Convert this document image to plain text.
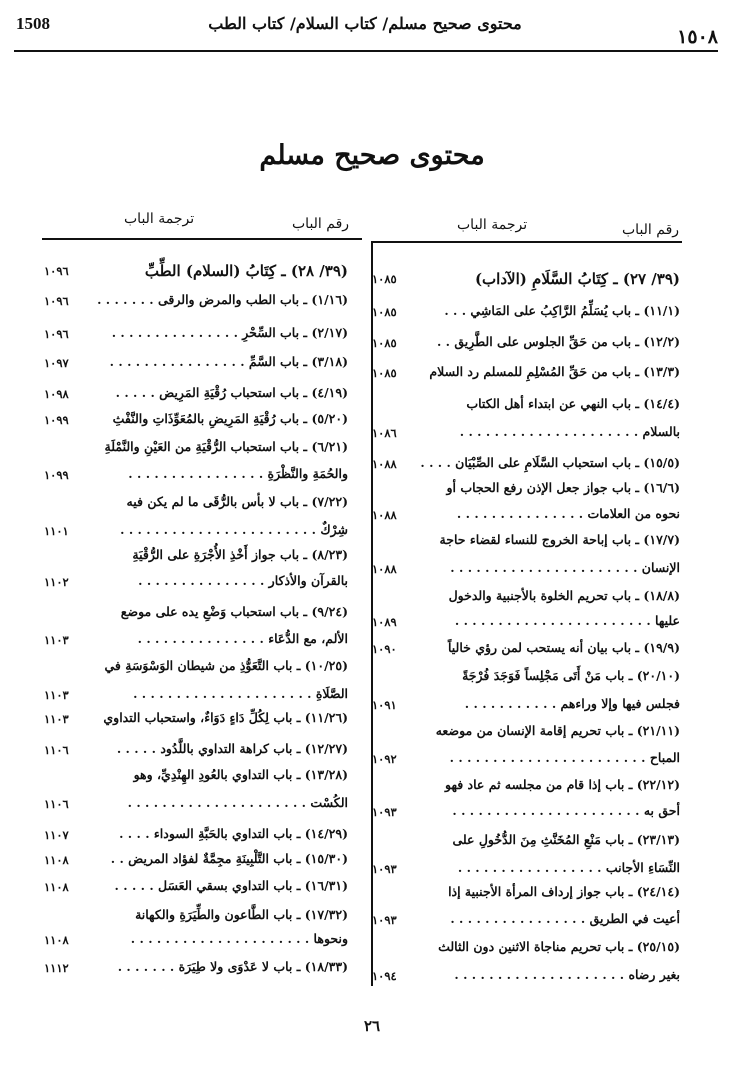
1508	محتوى صحيح مسلم/ كتاب السلام/ كتاب الطب
١٥٠٨
محتوى صحيح مسلم
رقم الباب
ترجمة الباب
رقم الباب
ترجمة الباب
(٣٩/ ٢٧) ـ كِتَابُ السَّلَامِ (الآداب)
١٠٨٥
(١١/١) ـ باب يُسَلِّمُ الرَّاكِبُ على المَاشِي . . .
١٠٨٥
(١٢/٢) ـ باب من حَقِّ الجلوس على الطَّرِيق . .
١٠٨٥
(١٣/٣) ـ باب من حَقِّ المُسْلِمِ للمسلم رد السلام
١٠٨٥
(١٤/٤) ـ باب النهي عن ابتداء أهل الكتاب
بالسلام . . . . . . . . . . . . . . . . . . . . .
١٠٨٦
(١٥/٥) ـ باب استحباب السَّلَامِ على الصِّبْيَان . . . .
١٠٨٨
(١٦/٦) ـ باب جواز جعل الإذن رفع الحجاب أو
نحوه من العلامات . . . . . . . . . . . . . . .
١٠٨٨
(١٧/٧) ـ باب إباحة الخروج للنساء لقضاء حاجة
الإنسان . . . . . . . . . . . . . . . . . . . . . .
١٠٨٨
(١٨/٨) ـ باب تحريم الخلوة بالأجنبية والدخول
عليها . . . . . . . . . . . . . . . . . . . . . . .
١٠٨٩
(١٩/٩) ـ باب بيان أنه يستحب لمن رؤي خالياً
١٠٩٠
(٢٠/١٠) ـ باب مَنْ أَتَى مَجْلِساً فَوَجَدَ فُرْجَةً
فجلس فيها وإلا وراءهم . . . . . . . . . . .
١٠٩١
(٢١/١١) ـ باب تحريم إقامة الإنسان من موضعه
المباح . . . . . . . . . . . . . . . . . . . . . . .
١٠٩٢
(٢٢/١٢) ـ باب إذا قام من مجلسه ثم عاد فهو
أحق به . . . . . . . . . . . . . . . . . . . . . .
١٠٩٣
(٢٣/١٣) ـ باب مَنْعِ المُخَنَّثِ مِنَ الدُّخُولِ على
النِّسَاءِ الأجانب . . . . . . . . . . . . . . . . .
١٠٩٣
(٢٤/١٤) ـ باب جواز إرداف المرأة الأجنبية إذا
أعيت في الطريق . . . . . . . . . . . . . . . .
١٠٩٣
(٢٥/١٥) ـ باب تحريم مناجاة الاثنين دون الثالث
بغير رضاه . . . . . . . . . . . . . . . . . . . .
١٠٩٤
(٣٩/ ٢٨) ـ كِتَابُ (السلام) الطِّبِّ
١٠٩٦
(١/١٦) ـ باب الطب والمرض والرقى . . . . . . .
١٠٩٦
(٢/١٧) ـ باب السِّحْرِ . . . . . . . . . . . . . . .
١٠٩٦
(٣/١٨) ـ باب السَّمِّ . . . . . . . . . . . . . . . .
١٠٩٧
(٤/١٩) ـ باب استحباب رُقْيَةِ المَرِيض . . . . .
١٠٩٨
(٥/٢٠) ـ باب رُقْيَةِ المَرِيضِ بالمُعَوِّذَاتِ والنَّفْثِ
١٠٩٩
(٦/٢١) ـ باب استحباب الرُّقْيَةِ من العَيْنِ والنَّمْلَةِ
والحُمَةِ والنَّظْرَةِ . . . . . . . . . . . . . . . .
١٠٩٩
(٧/٢٢) ـ باب لا بأس بالرُّقَى ما لم يكن فيه
شِرْكٌ . . . . . . . . . . . . . . . . . . . . . . .
١١٠١
(٨/٢٣) ـ باب جواز أَخْذِ الأُجْرَةِ على الرُّقْيَةِ
بالقرآن والأذكار . . . . . . . . . . . . . . .
١١٠٢
(٩/٢٤) ـ باب استحباب وَضْعِ يده على موضع
الألم، مع الدُّعَاء . . . . . . . . . . . . . . .
١١٠٣
(١٠/٢٥) ـ باب التَّعَوُّذِ من شيطان الوَسْوَسَةِ في
الصَّلَاةِ . . . . . . . . . . . . . . . . . . . . .
١١٠٣
(١١/٢٦) ـ باب لِكُلِّ دَاءٍ دَوَاءٌ، واستحباب التداوي
١١٠٣
(١٢/٢٧) ـ باب كراهة التداوي باللَّدُود . . . . .
١١٠٦
(١٣/٢٨) ـ باب التداوي بالعُودِ الهِنْدِيِّ، وهو
الكُسْت . . . . . . . . . . . . . . . . . . . . .
١١٠٦
(١٤/٢٩) ـ باب التداوي بالحَبَّةِ السوداء . . . .
١١٠٧
(١٥/٣٠) ـ باب التَّلْبِينَةِ مجِمَّةٌ لفؤاد المريض . .
١١٠٨
(١٦/٣١) ـ باب التداوي بسقي العَسَل . . . . .
١١٠٨
(١٧/٣٢) ـ باب الطَّاعون والطِّيَرَةِ والكهانة
ونحوها . . . . . . . . . . . . . . . . . . . . .
١١٠٨
(١٨/٣٣) ـ باب لا عَدْوَى ولا طِيَرَة . . . . . . .
١١١٢
٢٦
